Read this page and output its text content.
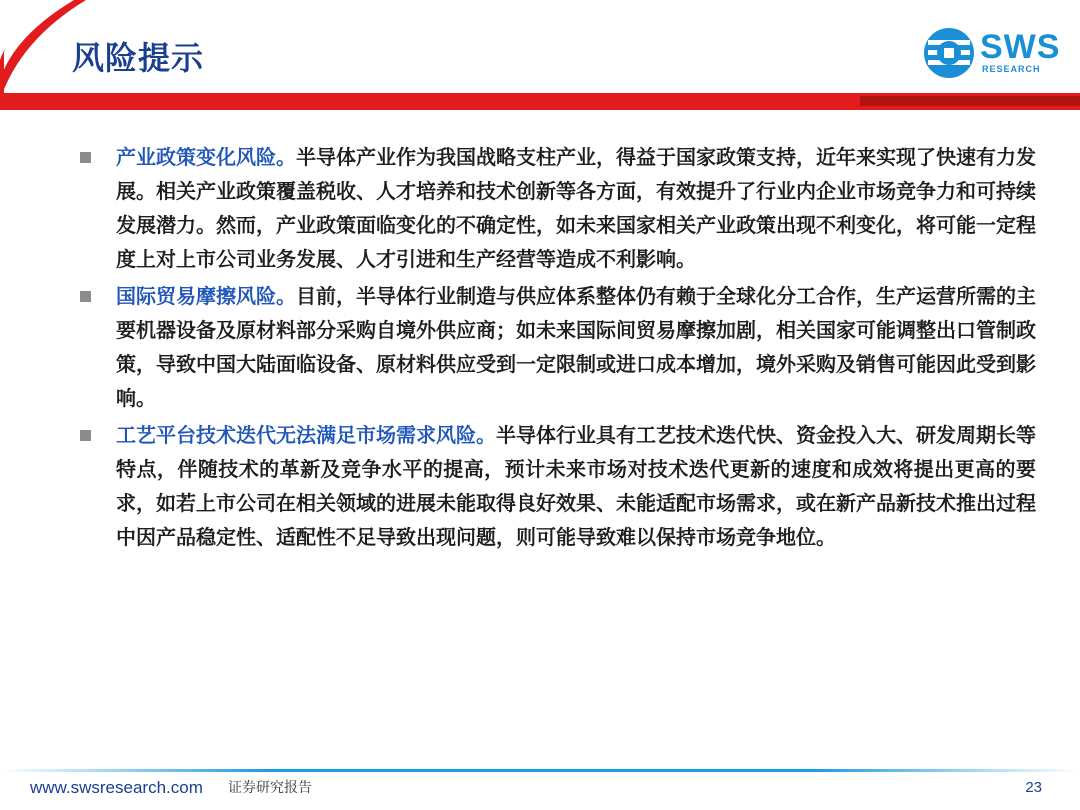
风险提示	SWS
RESEARCH

产业政策变化风险。半导体产业作为我国战略支柱产业，得益于国家政策支持，近年来实现了快速有力发展。相关产业政策覆盖税收、人才培养和技术创新等各方面，有效提升了行业内企业市场竞争力和可持续发展潜力。然而，产业政策面临变化的不确定性，如未来国家相关产业政策出现不利变化，将可能一定程度上对上市公司业务发展、人才引进和生产经营等造成不利影响。

国际贸易摩擦风险。目前，半导体行业制造与供应体系整体仍有赖于全球化分工合作，生产运营所需的主要机器设备及原材料部分采购自境外供应商；如未来国际间贸易摩擦加剧，相关国家可能调整出口管制政策，导致中国大陆面临设备、原材料供应受到一定限制或进口成本增加，境外采购及销售可能因此受到影响。

工艺平台技术迭代无法满足市场需求风险。半导体行业具有工艺技术迭代快、资金投入大、研发周期长等特点，伴随技术的革新及竞争水平的提高，预计未来市场对技术迭代更新的速度和成效将提出更高的要求，如若上市公司在相关领域的进展未能取得良好效果、未能适配市场需求，或在新产品新技术推出过程中因产品稳定性、适配性不足导致出现问题，则可能导致难以保持市场竞争地位。

www.swsresearch.com 证券研究报告	23
